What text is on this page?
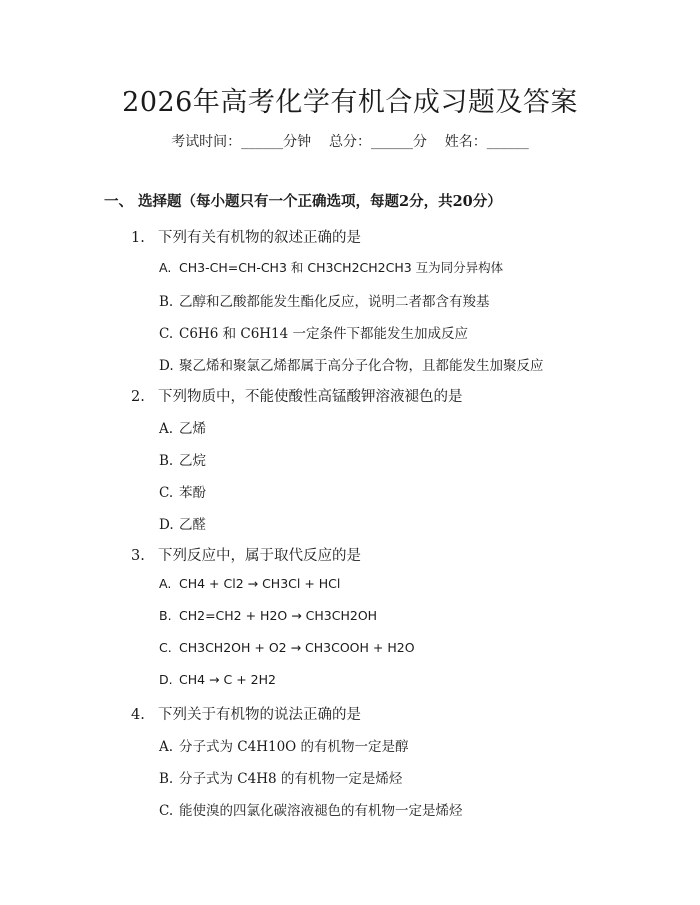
2026年高考化学有机合成习题及答案
考试时间：______分钟    总分：______分    姓名：______
一、 选择题（每小题只有一个正确选项，每题2分，共20分）
1. 下列有关有机物的叙述正确的是
A. CH3-CH=CH-CH3 和 CH3CH2CH2CH3 互为同分异构体
B. 乙醇和乙酸都能发生酯化反应，说明二者都含有羧基
C. C6H6 和 C6H14 一定条件下都能发生加成反应
D. 聚乙烯和聚氯乙烯都属于高分子化合物，且都能发生加聚反应
2. 下列物质中，不能使酸性高锰酸钾溶液褪色的是
A. 乙烯
B. 乙烷
C. 苯酚
D. 乙醛
3. 下列反应中，属于取代反应的是
A. CH4 + Cl2 → CH3Cl + HCl
B. CH2=CH2 + H2O → CH3CH2OH
C. CH3CH2OH + O2 → CH3COOH + H2O
D. CH4 → C + 2H2
4. 下列关于有机物的说法正确的是
A. 分子式为 C4H10O 的有机物一定是醇
B. 分子式为 C4H8 的有机物一定是烯烃
C. 能使溴的四氯化碳溶液褪色的有机物一定是烯烃
